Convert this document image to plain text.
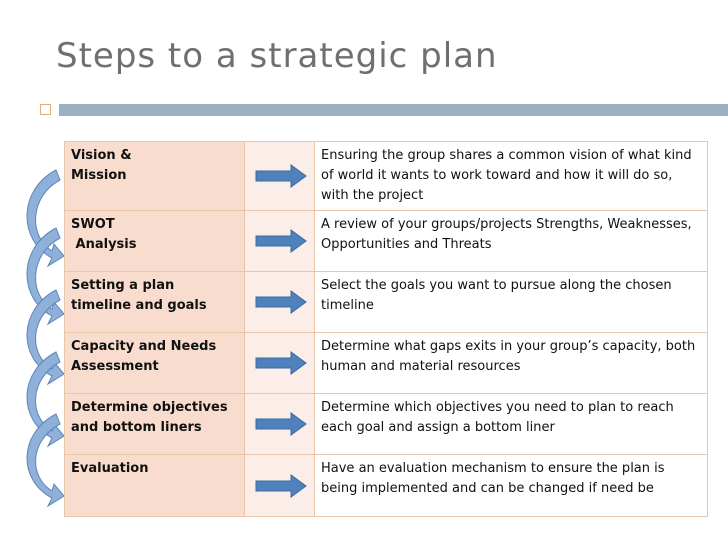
Steps to a strategic plan
Vision &
Mission		Ensuring the group shares a common vision of what kind of world it wants to work toward and how it will do so, with the project
SWOT
Analysis		A review of your groups/projects Strengths, Weaknesses, Opportunities and Threats
Setting a plan
timeline and goals		Select the goals you want to pursue along the chosen timeline
Capacity and Needs
Assessment		Determine what gaps exits in your group’s capacity, both human and material resources
Determine objectives
and bottom liners		Determine which objectives you need to plan to reach each goal and assign a bottom liner
Evaluation		Have an evaluation mechanism to ensure the plan is being implemented and can be changed if need be
